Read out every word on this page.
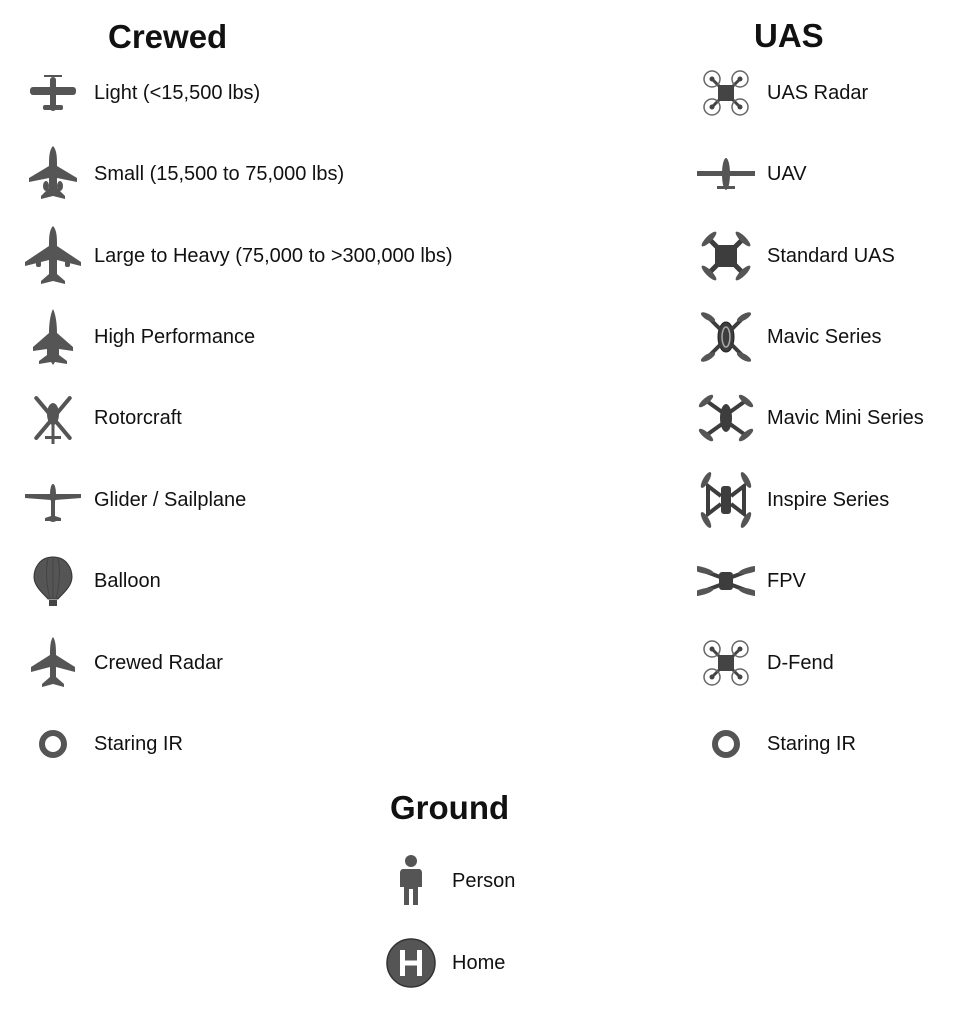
Crewed	UAS
Ground
Light (<15,500 lbs)
Small (15,500 to 75,000 lbs)
Large to Heavy (75,000 to >300,000 lbs)
High Performance
Rotorcraft
Glider / Sailplane
Balloon
Crewed Radar
Staring IR
UAS Radar
UAV
Standard UAS
Mavic Series
Mavic Mini Series
Inspire Series
FPV
D-Fend
Staring IR
Person
Home
